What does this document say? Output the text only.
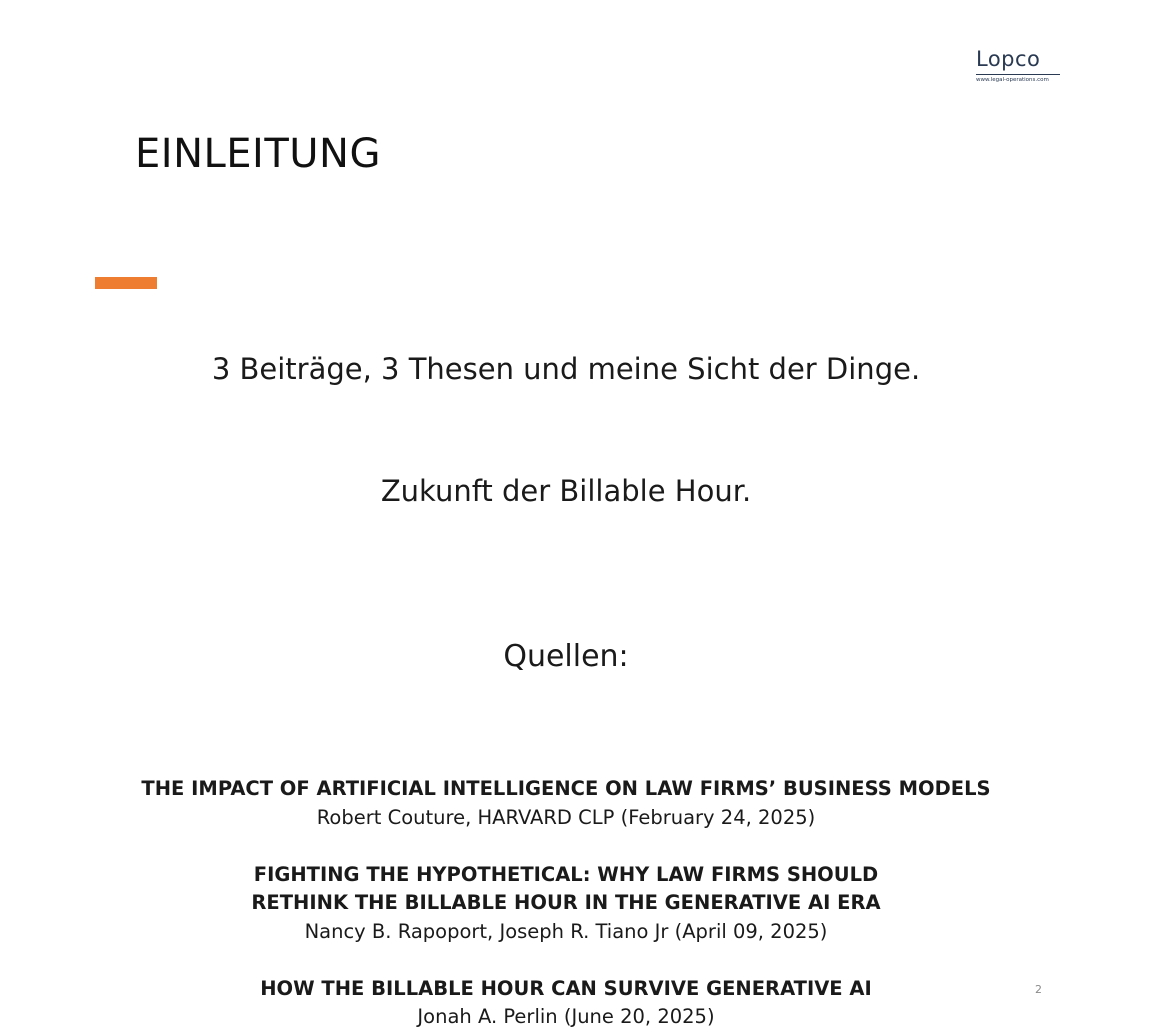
Lopco
www.legal-operations.com
EINLEITUNG
3 Beiträge, 3 Thesen und meine Sicht der Dinge.
Zukunft der Billable Hour.
Quellen:
THE IMPACT OF ARTIFICIAL INTELLIGENCE ON LAW FIRMS’ BUSINESS MODELS
Robert Couture, HARVARD CLP (February 24, 2025)
FIGHTING THE HYPOTHETICAL: WHY LAW FIRMS SHOULD
RETHINK THE BILLABLE HOUR IN THE GENERATIVE AI ERA
Nancy B. Rapoport, Joseph R. Tiano Jr (April 09, 2025)
HOW THE BILLABLE HOUR CAN SURVIVE GENERATIVE AI
Jonah A. Perlin (June 20, 2025)
2
